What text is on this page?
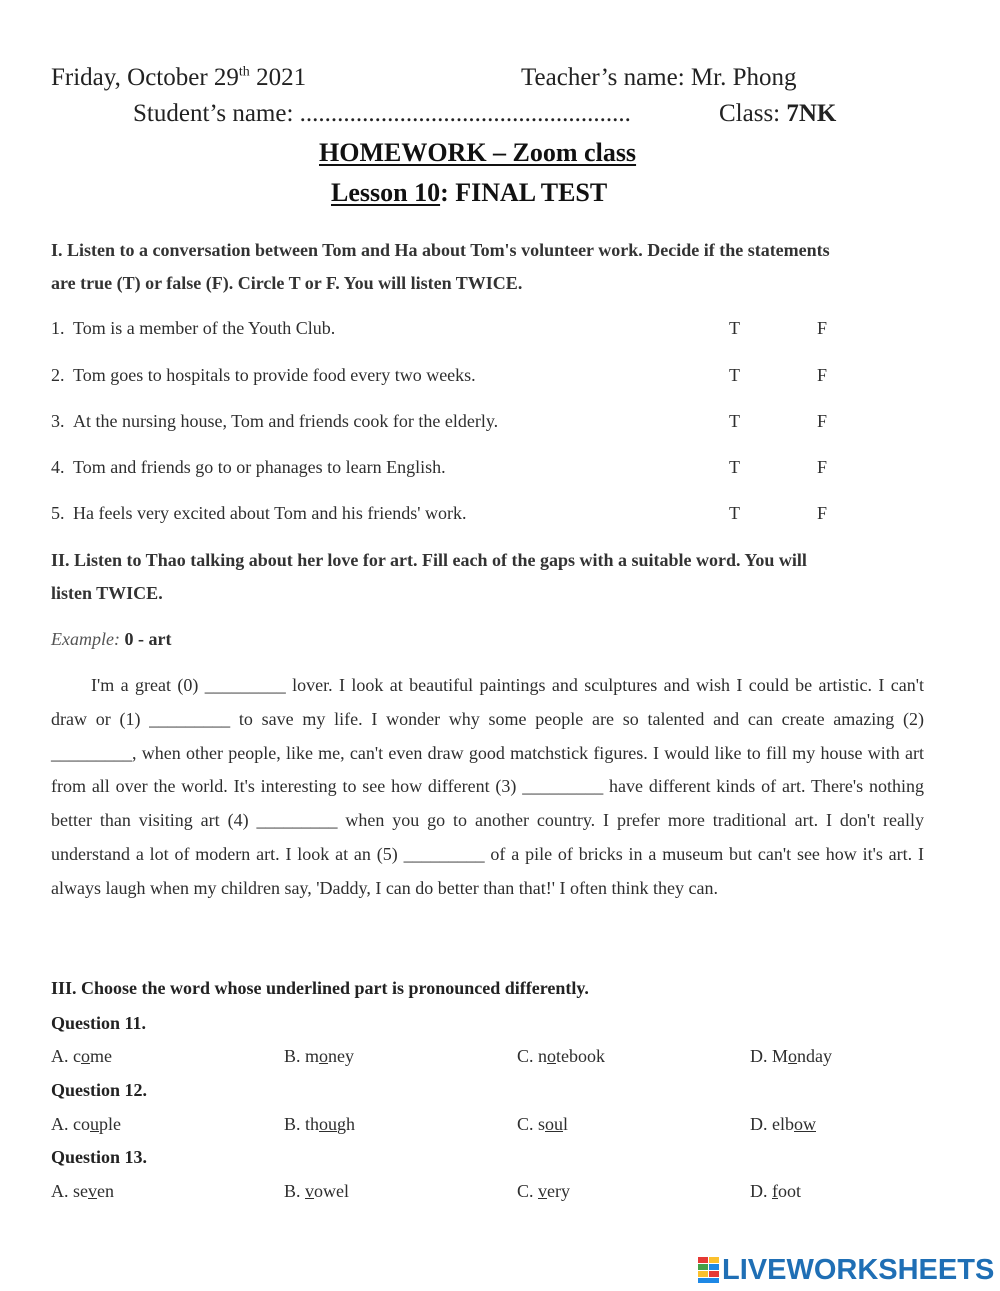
Friday, October 29th 2021	Teacher’s name: Mr. Phong
Student’s name: .....................................................	Class: 7NK
HOMEWORK – Zoom class
Lesson 10: FINAL TEST
I. Listen to a conversation between Tom and Ha about Tom's volunteer work. Decide if the statements
are true (T) or false (F). Circle T or F. You will listen TWICE.
1. Tom is a member of the Youth Club.	T	F
2. Tom goes to hospitals to provide food every two weeks.	T	F
3. At the nursing house, Tom and friends cook for the elderly.	T	F
4. Tom and friends go to or phanages to learn English.	T	F
5. Ha feels very excited about Tom and his friends' work.	T	F
II. Listen to Thao talking about her love for art. Fill each of the gaps with a suitable word. You will
listen TWICE.
Example: 0 - art

I'm a great (0) _________ lover. I look at beautiful paintings and sculptures and wish I could be artistic. I can't draw or (1) _________ to save my life. I wonder why some people are so talented and can create amazing (2) _________, when other people, like me, can't even draw good matchstick figures. I would like to fill my house with art from all over the world. It's interesting to see how different (3) _________ have different kinds of art. There's nothing better than visiting art (4) _________ when you go to another country. I prefer more traditional art. I don't really understand a lot of modern art. I look at an (5) _________ of a pile of bricks in a museum but can't see how it's art. I always laugh when my children say, 'Daddy, I can do better than that!' I often think they can.

III. Choose the word whose underlined part is pronounced differently.
Question 11.
A. come	B. money	C. notebook	D. Monday
Question 12.
A. couple	B. though	C. soul	D. elbow
Question 13.
A. seven	B. vowel	C. very	D. foot
LIVEWORKSHEETS
